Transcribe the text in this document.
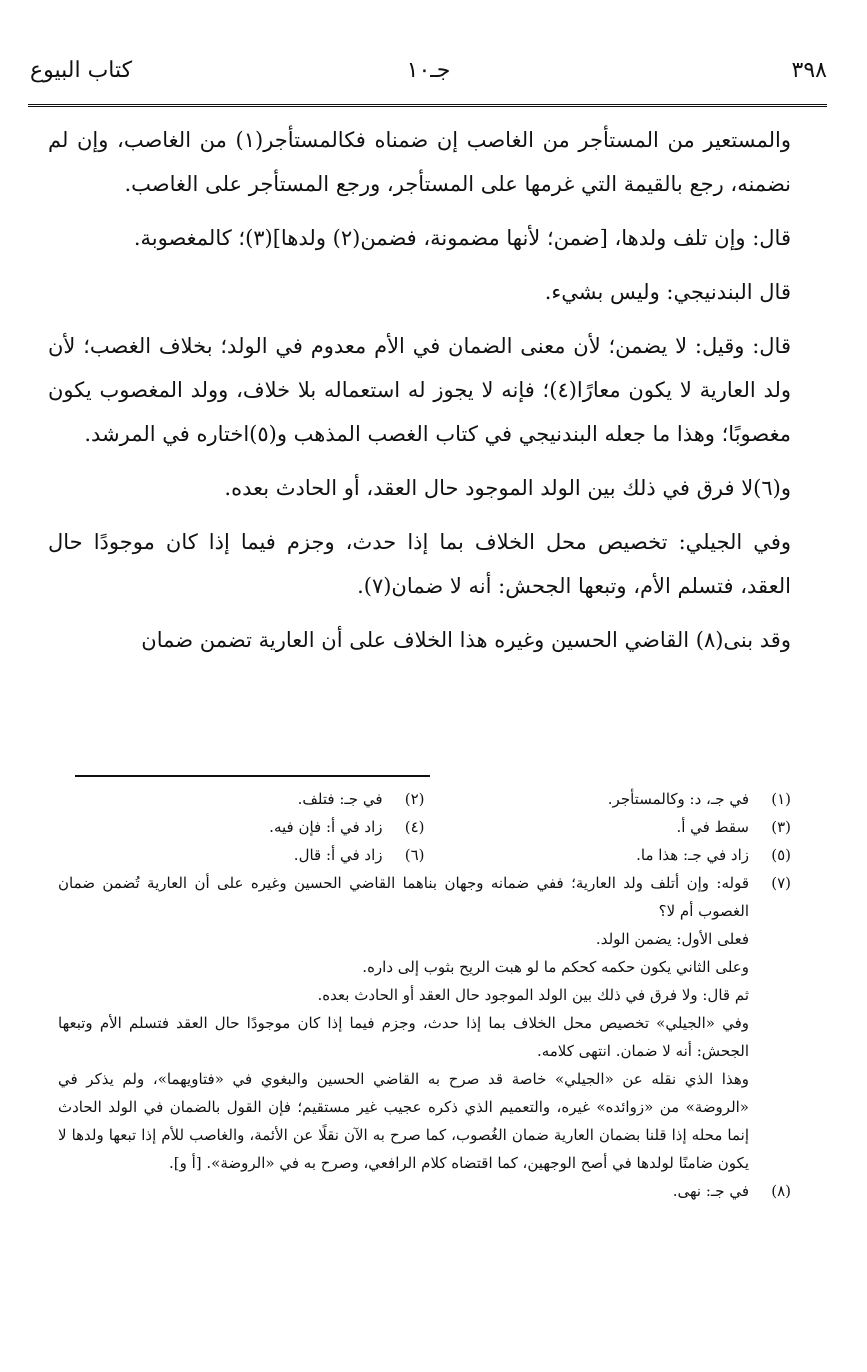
٣٩٨
جـ١٠
كتاب البيوع

والمستعير من المستأجر من الغاصب إن ضمناه فكالمستأجر(١) من الغاصب، وإن لم نضمنه، رجع بالقيمة التي غرمها على المستأجر، ورجع المستأجر على الغاصب.

قال: وإن تلف ولدها، [ضمن؛ لأنها مضمونة، فضمن(٢) ولدها](٣)؛ كالمغصوبة.

قال البندنيجي: وليس بشيء.

قال: وقيل: لا يضمن؛ لأن معنى الضمان في الأم معدوم في الولد؛ بخلاف الغصب؛ لأن ولد العارية لا يكون معارًا(٤)؛ فإنه لا يجوز له استعماله بلا خلاف، وولد المغصوب يكون مغصوبًا؛ وهذا ما جعله البندنيجي في كتاب الغصب المذهب و(٥)اختاره في المرشد.

و(٦)لا فرق في ذلك بين الولد الموجود حال العقد، أو الحادث بعده.

وفي الجيلي: تخصيص محل الخلاف بما إذا حدث، وجزم فيما إذا كان موجودًا حال العقد، فتسلم الأم، وتبعها الجحش: أنه لا ضمان(٧).

وقد بنى(٨) القاضي الحسين وغيره هذا الخلاف على أن العارية تضمن ضمان

(١)
في جـ، د: وكالمستأجر.
(٢)
في جـ: فتلف.
(٣)
سقط في أ.
(٤)
زاد في أ: فإن فيه.
(٥)
زاد في جـ: هذا ما.
(٦)
زاد في أ: قال.
(٧)

قوله: وإن أتلف ولد العارية؛ ففي ضمانه وجهان بناهما القاضي الحسين وغيره على أن العارية تُضمن ضمان الغصوب أم لا؟

فعلى الأول: يضمن الولد.

وعلى الثاني يكون حكمه كحكم ما لو هبت الريح بثوب إلى داره.

ثم قال: ولا فرق في ذلك بين الولد الموجود حال العقد أو الحادث بعده.

وفي «الجيلي» تخصيص محل الخلاف بما إذا حدث، وجزم فيما إذا كان موجودًا حال العقد فتسلم الأم وتبعها الجحش: أنه لا ضمان. انتهى كلامه.

وهذا الذي نقله عن «الجيلي» خاصة قد صرح به القاضي الحسين والبغوي في «فتاويهما»، ولم يذكر في «الروضة» من «زوائده» غيره، والتعميم الذي ذكره عجيب غير مستقيم؛ فإن القول بالضمان في الولد الحادث إنما محله إذا قلنا بضمان العارية ضمان الغُصوب، كما صرح به الآن نقلًا عن الأئمة، والغاصب للأم إذا تبعها ولدها لا يكون ضامنًا لولدها في أصح الوجهين، كما اقتضاه كلام الرافعي، وصرح به في «الروضة». [أ و].

(٨)
في جـ: نهى.
